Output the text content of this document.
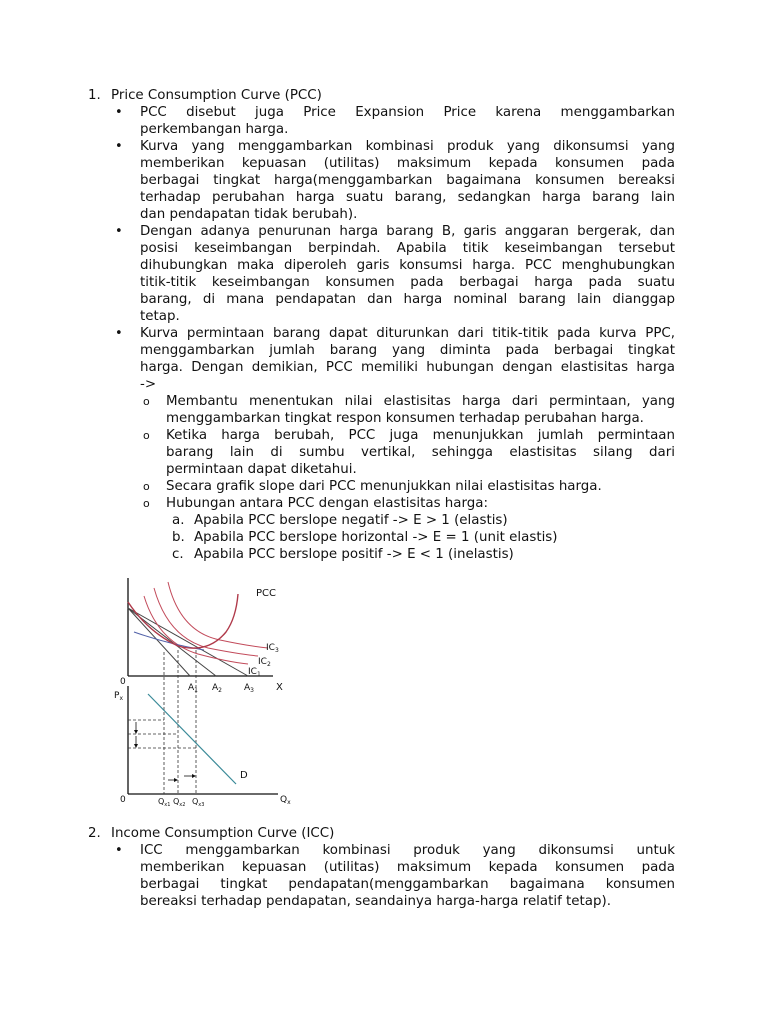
1. Price Consumption Curve (PCC)
• PCC disebut juga Price Expansion Price karena menggambarkan
perkembangan harga.
• Kurva yang menggambarkan kombinasi produk yang dikonsumsi yang
memberikan kepuasan (utilitas) maksimum kepada konsumen pada
berbagai tingkat harga(menggambarkan bagaimana konsumen bereaksi
terhadap perubahan harga suatu barang, sedangkan harga barang lain
dan pendapatan tidak berubah).
• Dengan adanya penurunan harga barang B, garis anggaran bergerak, dan
posisi keseimbangan berpindah. Apabila titik keseimbangan tersebut
dihubungkan maka diperoleh garis konsumsi harga. PCC menghubungkan
titik-titik keseimbangan konsumen pada berbagai harga pada suatu
barang, di mana pendapatan dan harga nominal barang lain dianggap
tetap.
• Kurva permintaan barang dapat diturunkan dari titik-titik pada kurva PPC,
menggambarkan jumlah barang yang diminta pada berbagai tingkat
harga. Dengan demikian, PCC memiliki hubungan dengan elastisitas harga
->
o Membantu menentukan nilai elastisitas harga dari permintaan, yang
menggambarkan tingkat respon konsumen terhadap perubahan harga.
o Ketika harga berubah, PCC juga menunjukkan jumlah permintaan
barang lain di sumbu vertikal, sehingga elastisitas silang dari
permintaan dapat diketahui.
o Secara grafik slope dari PCC menunjukkan nilai elastisitas harga.
o Hubungan antara PCC dengan elastisitas harga:
a. Apabila PCC berslope negatif -> E > 1 (elastis)
b. Apabila PCC berslope horizontal -> E = 1 (unit elastis)
c. Apabila PCC berslope positif -> E < 1 (inelastis)
PCC
$IC_3$
$IC_2$
$IC_1$
0
$A_1$ $A_2$ $A_3$ X
$P_x$
D
0	$Q_{x1}$ $Q_{x2}$ $Q_{x3}$	$Q_x$
2. Income Consumption Curve (ICC)
• ICC menggambarkan kombinasi produk yang dikonsumsi untuk
memberikan kepuasan (utilitas) maksimum kepada konsumen pada
berbagai tingkat pendapatan(menggambarkan bagaimana konsumen
bereaksi terhadap pendapatan, seandainya harga-harga relatif tetap).
